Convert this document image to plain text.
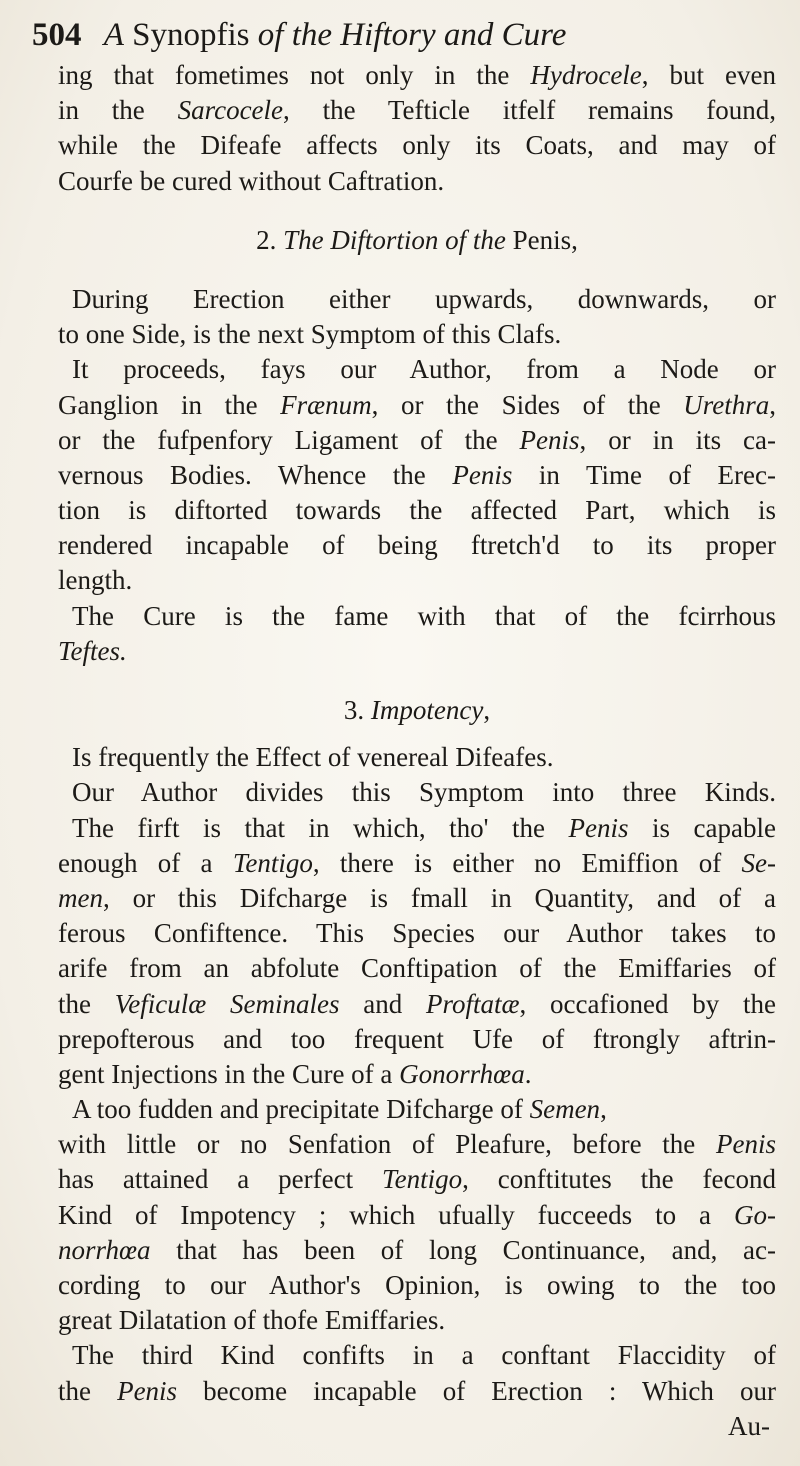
504 A Synopfis of the Hiftory and Cure
ing that fometimes not only in the Hydrocele, but even
in the Sarcocele, the Tefticle itfelf remains found,
while the Difeafe affects only its Coats, and may of
Courfe be cured without Caftration.
2. The Diftortion of the Penis,
During Erection either upwards, downwards, or
to one Side, is the next Symptom of this Clafs.
It proceeds, fays our Author, from a Node or
Ganglion in the Frænum, or the Sides of the Urethra,
or the fufpenfory Ligament of the Penis, or in its ca-
vernous Bodies. Whence the Penis in Time of Erec-
tion is diftorted towards the affected Part, which is
rendered incapable of being ftretch'd to its proper
length.
The Cure is the fame with that of the fcirrhous
Teftes.
3. Impotency,
Is frequently the Effect of venereal Difeafes.
Our Author divides this Symptom into three Kinds.
The firft is that in which, tho' the Penis is capable
enough of a Tentigo, there is either no Emiffion of Se-
men, or this Difcharge is fmall in Quantity, and of a
ferous Confiftence. This Species our Author takes to
arife from an abfolute Conftipation of the Emiffaries of
the Veficulæ Seminales and Proftatæ, occafioned by the
prepofterous and too frequent Ufe of ftrongly aftrin-
gent Injections in the Cure of a Gonorrhœa.
A too fudden and precipitate Difcharge of Semen,
with little or no Senfation of Pleafure, before the Penis
has attained a perfect Tentigo, conftitutes the fecond
Kind of Impotency ; which ufually fucceeds to a Go-
norrhœa that has been of long Continuance, and, ac-
cording to our Author's Opinion, is owing to the too
great Dilatation of thofe Emiffaries.
The third Kind confifts in a conftant Flaccidity of
the Penis become incapable of Erection : Which our
Au-
